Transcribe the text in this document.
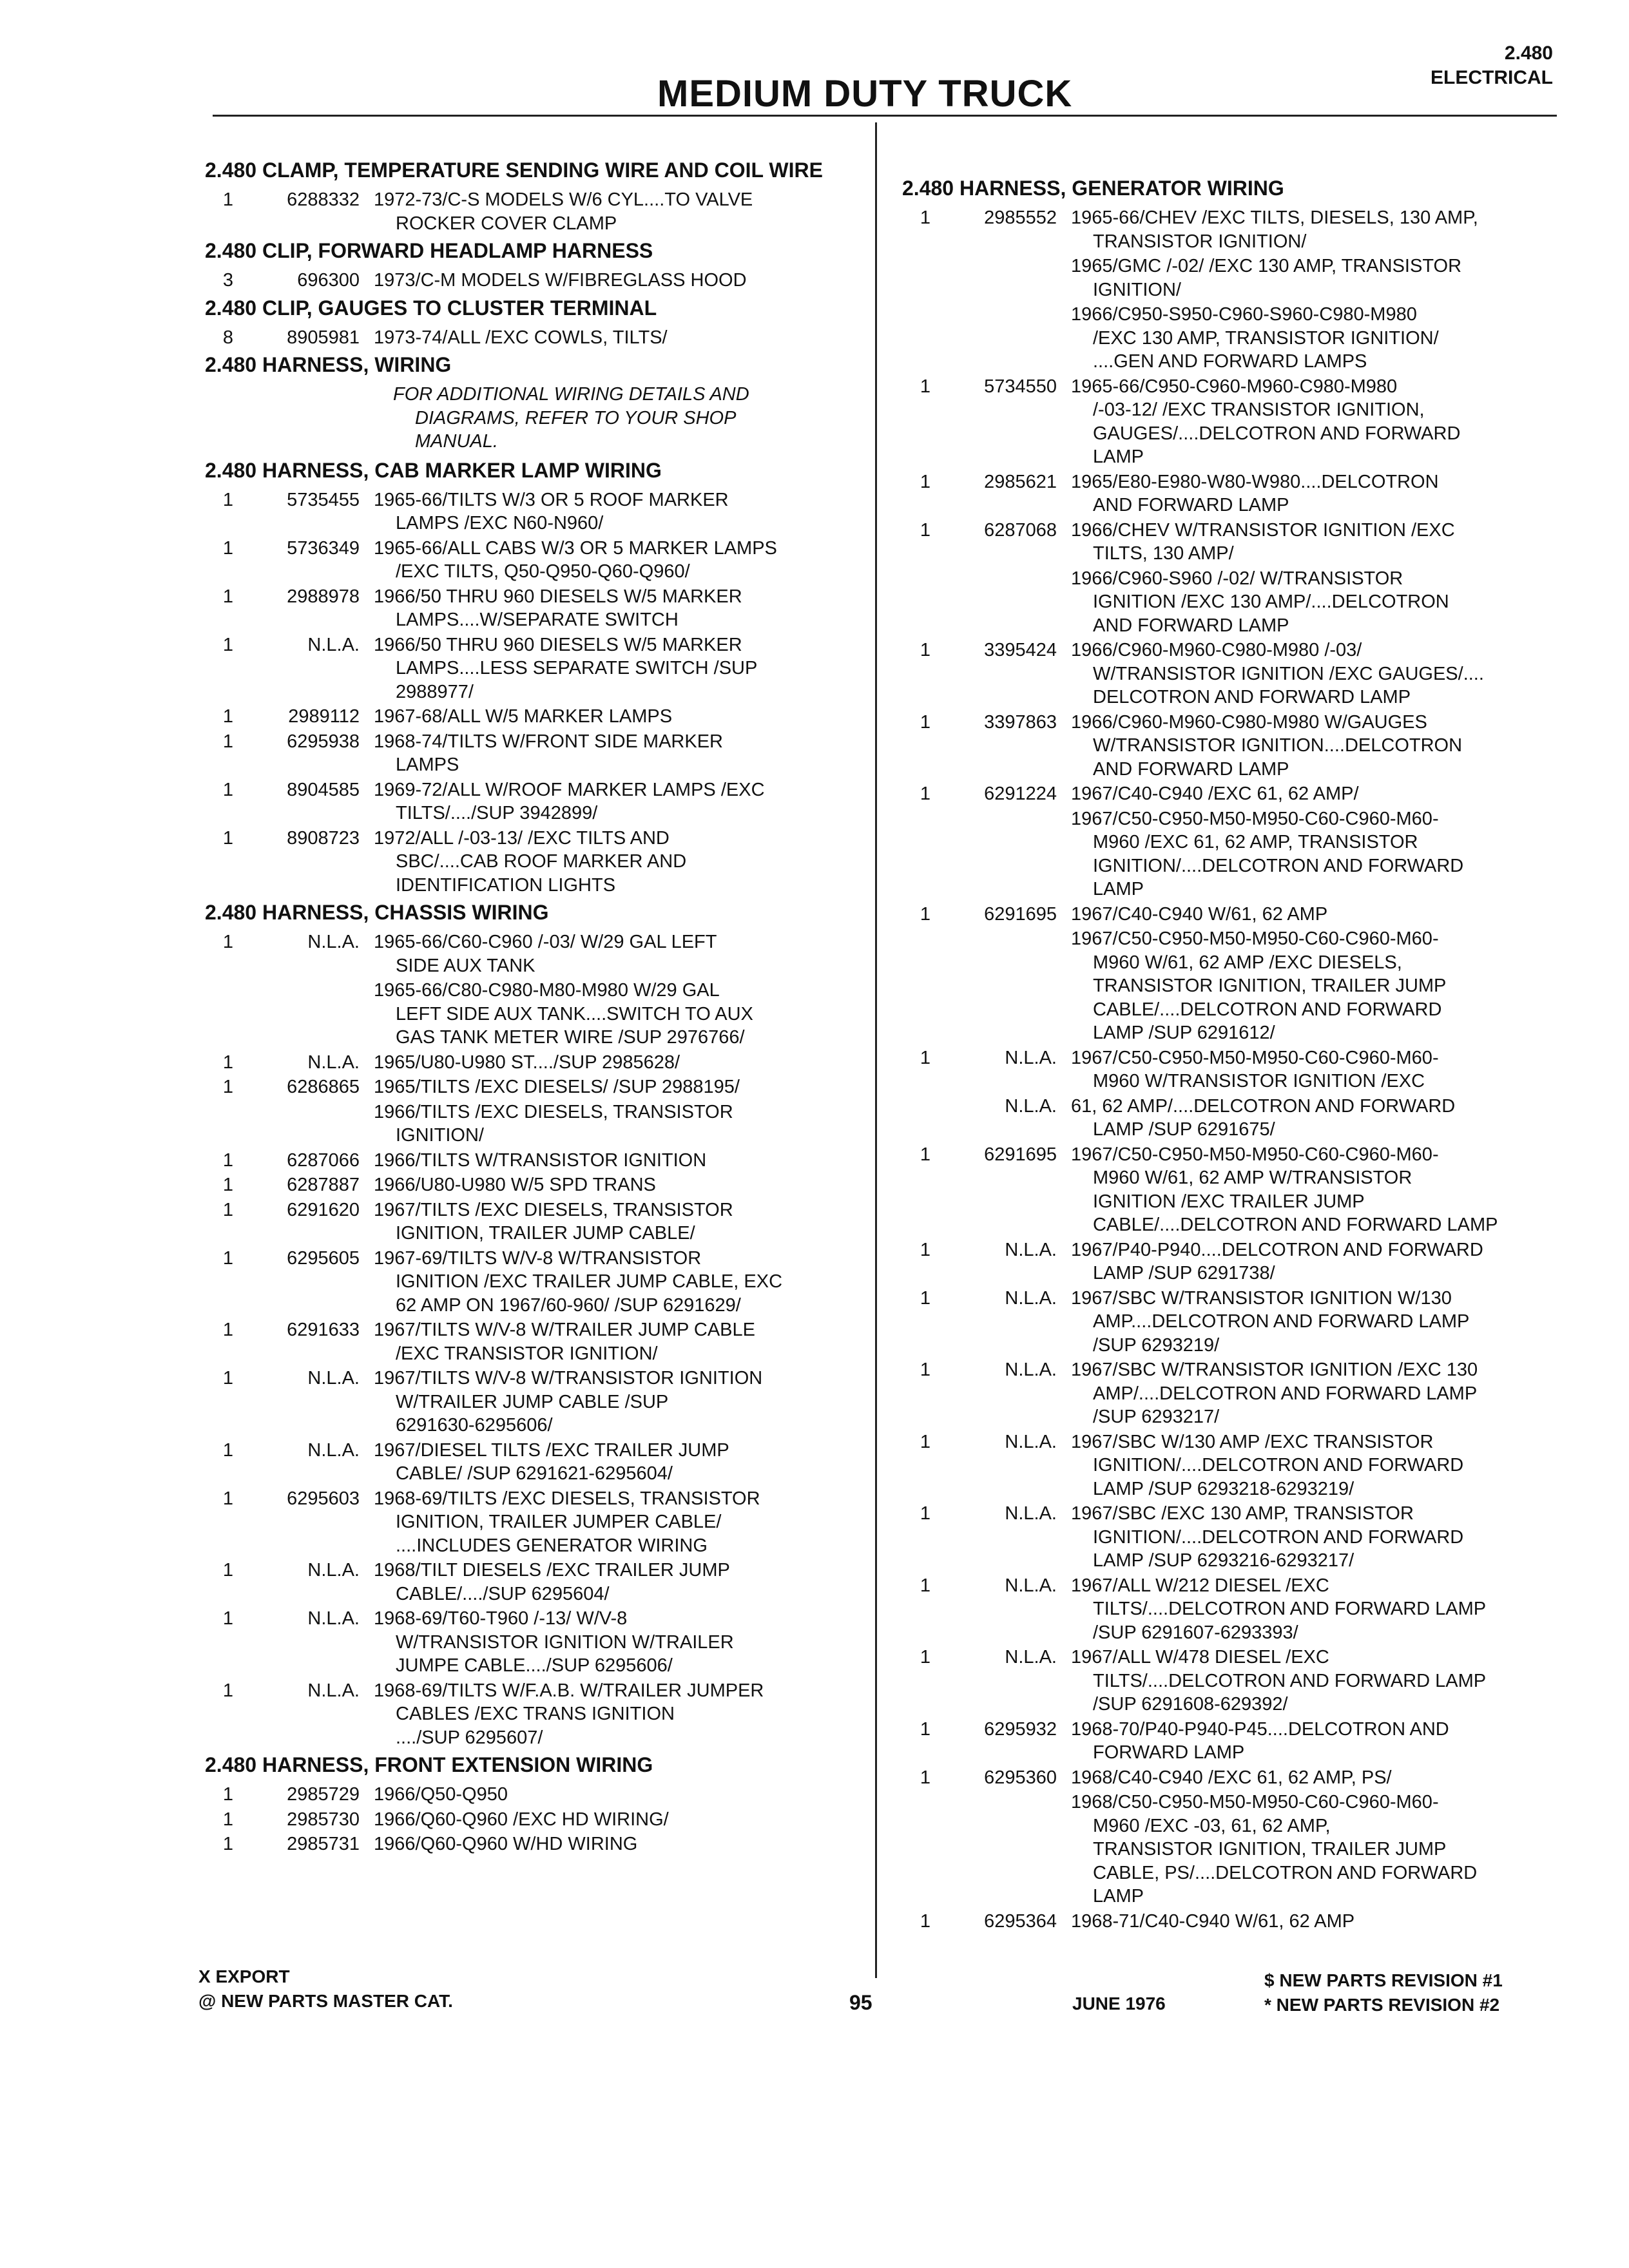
MEDIUM DUTY TRUCK
2.480
ELECTRICAL
2.480 CLAMP, TEMPERATURE SENDING WIRE AND COIL WIRE
1	6288332 1972-73/C-S MODELS W/6 CYL....TO VALVE
ROCKER COVER CLAMP
2.480 CLIP, FORWARD HEADLAMP HARNESS
3	696300 1973/C-M MODELS W/FIBREGLASS HOOD
2.480 CLIP, GAUGES TO CLUSTER TERMINAL
8	8905981 1973-74/ALL /EXC COWLS, TILTS/
2.480 HARNESS, WIRING
FOR ADDITIONAL WIRING DETAILS AND
DIAGRAMS, REFER TO YOUR SHOP
MANUAL.
2.480 HARNESS, CAB MARKER LAMP WIRING
1	5735455 1965-66/TILTS W/3 OR 5 ROOF MARKER
LAMPS /EXC N60-N960/
1	5736349 1965-66/ALL CABS W/3 OR 5 MARKER LAMPS
/EXC TILTS, Q50-Q950-Q60-Q960/
1	2988978 1966/50 THRU 960 DIESELS W/5 MARKER
LAMPS....W/SEPARATE SWITCH
1	N.L.A. 1966/50 THRU 960 DIESELS W/5 MARKER
LAMPS....LESS SEPARATE SWITCH /SUP
2988977/
1	2989112 1967-68/ALL W/5 MARKER LAMPS
1	6295938 1968-74/TILTS W/FRONT SIDE MARKER
LAMPS
1	8904585 1969-72/ALL W/ROOF MARKER LAMPS /EXC
TILTS/..../SUP 3942899/
1	8908723 1972/ALL /-03-13/ /EXC TILTS AND
SBC/....CAB ROOF MARKER AND
IDENTIFICATION LIGHTS
2.480 HARNESS, CHASSIS WIRING
1	N.L.A. 1965-66/C60-C960 /-03/ W/29 GAL LEFT
SIDE AUX TANK
1965-66/C80-C980-M80-M980 W/29 GAL
LEFT SIDE AUX TANK....SWITCH TO AUX
GAS TANK METER WIRE /SUP 2976766/
1	N.L.A. 1965/U80-U980 ST..../SUP 2985628/
1	6286865 1965/TILTS /EXC DIESELS/ /SUP 2988195/
1966/TILTS /EXC DIESELS, TRANSISTOR
IGNITION/
1	6287066 1966/TILTS W/TRANSISTOR IGNITION
1	6287887 1966/U80-U980 W/5 SPD TRANS
1	6291620 1967/TILTS /EXC DIESELS, TRANSISTOR
IGNITION, TRAILER JUMP CABLE/
1	6295605 1967-69/TILTS W/V-8 W/TRANSISTOR
IGNITION /EXC TRAILER JUMP CABLE, EXC
62 AMP ON 1967/60-960/ /SUP 6291629/
1	6291633 1967/TILTS W/V-8 W/TRAILER JUMP CABLE
/EXC TRANSISTOR IGNITION/
1	N.L.A. 1967/TILTS W/V-8 W/TRANSISTOR IGNITION
W/TRAILER JUMP CABLE /SUP
6291630-6295606/
1	N.L.A. 1967/DIESEL TILTS /EXC TRAILER JUMP
CABLE/ /SUP 6291621-6295604/
1	6295603 1968-69/TILTS /EXC DIESELS, TRANSISTOR
IGNITION, TRAILER JUMPER CABLE/
....INCLUDES GENERATOR WIRING
1	N.L.A. 1968/TILT DIESELS /EXC TRAILER JUMP
CABLE/..../SUP 6295604/
1	N.L.A. 1968-69/T60-T960 /-13/ W/V-8
W/TRANSISTOR IGNITION W/TRAILER
JUMPE CABLE..../SUP 6295606/
1	N.L.A. 1968-69/TILTS W/F.A.B. W/TRAILER JUMPER
CABLES /EXC TRANS IGNITION
..../SUP 6295607/
2.480 HARNESS, FRONT EXTENSION WIRING
1	2985729 1966/Q50-Q950
1	2985730 1966/Q60-Q960 /EXC HD WIRING/
1	2985731 1966/Q60-Q960 W/HD WIRING
2.480 HARNESS, GENERATOR WIRING
1	2985552 1965-66/CHEV /EXC TILTS, DIESELS, 130 AMP,
TRANSISTOR IGNITION/
1965/GMC /-02/ /EXC 130 AMP, TRANSISTOR
IGNITION/
1966/C950-S950-C960-S960-C980-M980
/EXC 130 AMP, TRANSISTOR IGNITION/
....GEN AND FORWARD LAMPS
1	5734550 1965-66/C950-C960-M960-C980-M980
/-03-12/ /EXC TRANSISTOR IGNITION,
GAUGES/....DELCOTRON AND FORWARD
LAMP
1	2985621 1965/E80-E980-W80-W980....DELCOTRON
AND FORWARD LAMP
1	6287068 1966/CHEV W/TRANSISTOR IGNITION /EXC
TILTS, 130 AMP/
1966/C960-S960 /-02/ W/TRANSISTOR
IGNITION /EXC 130 AMP/....DELCOTRON
AND FORWARD LAMP
1	3395424 1966/C960-M960-C980-M980 /-03/
W/TRANSISTOR IGNITION /EXC GAUGES/....
DELCOTRON AND FORWARD LAMP
1	3397863 1966/C960-M960-C980-M980 W/GAUGES
W/TRANSISTOR IGNITION....DELCOTRON
AND FORWARD LAMP
1	6291224 1967/C40-C940 /EXC 61, 62 AMP/
1967/C50-C950-M50-M950-C60-C960-M60-
M960 /EXC 61, 62 AMP, TRANSISTOR
IGNITION/....DELCOTRON AND FORWARD
LAMP
1	6291695 1967/C40-C940 W/61, 62 AMP
1967/C50-C950-M50-M950-C60-C960-M60-
M960 W/61, 62 AMP /EXC DIESELS,
TRANSISTOR IGNITION, TRAILER JUMP
CABLE/....DELCOTRON AND FORWARD
LAMP /SUP 6291612/
1	N.L.A. 1967/C50-C950-M50-M950-C60-C960-M60-
M960 W/TRANSISTOR IGNITION /EXC
N.L.A. 61, 62 AMP/....DELCOTRON AND FORWARD
LAMP /SUP 6291675/
1	6291695 1967/C50-C950-M50-M950-C60-C960-M60-
M960 W/61, 62 AMP W/TRANSISTOR
IGNITION /EXC TRAILER JUMP
CABLE/....DELCOTRON AND FORWARD LAMP
1	N.L.A. 1967/P40-P940....DELCOTRON AND FORWARD
LAMP /SUP 6291738/
1	N.L.A. 1967/SBC W/TRANSISTOR IGNITION W/130
AMP....DELCOTRON AND FORWARD LAMP
/SUP 6293219/
1	N.L.A. 1967/SBC W/TRANSISTOR IGNITION /EXC 130
AMP/....DELCOTRON AND FORWARD LAMP
/SUP 6293217/
1	N.L.A. 1967/SBC W/130 AMP /EXC TRANSISTOR
IGNITION/....DELCOTRON AND FORWARD
LAMP /SUP 6293218-6293219/
1	N.L.A. 1967/SBC /EXC 130 AMP, TRANSISTOR
IGNITION/....DELCOTRON AND FORWARD
LAMP /SUP 6293216-6293217/
1	N.L.A. 1967/ALL W/212 DIESEL /EXC
TILTS/....DELCOTRON AND FORWARD LAMP
/SUP 6291607-6293393/
1	N.L.A. 1967/ALL W/478 DIESEL /EXC
TILTS/....DELCOTRON AND FORWARD LAMP
/SUP 6291608-629392/
1	6295932 1968-70/P40-P940-P45....DELCOTRON AND
FORWARD LAMP
1	6295360 1968/C40-C940 /EXC 61, 62 AMP, PS/
1968/C50-C950-M50-M950-C60-C960-M60-
M960 /EXC -03, 61, 62 AMP,
TRANSISTOR IGNITION, TRAILER JUMP
CABLE, PS/....DELCOTRON AND FORWARD
LAMP
1	6295364 1968-71/C40-C940 W/61, 62 AMP
X EXPORT
@ NEW PARTS MASTER CAT.	95	JUNE 1976
$ NEW PARTS REVISION #1
* NEW PARTS REVISION #2
